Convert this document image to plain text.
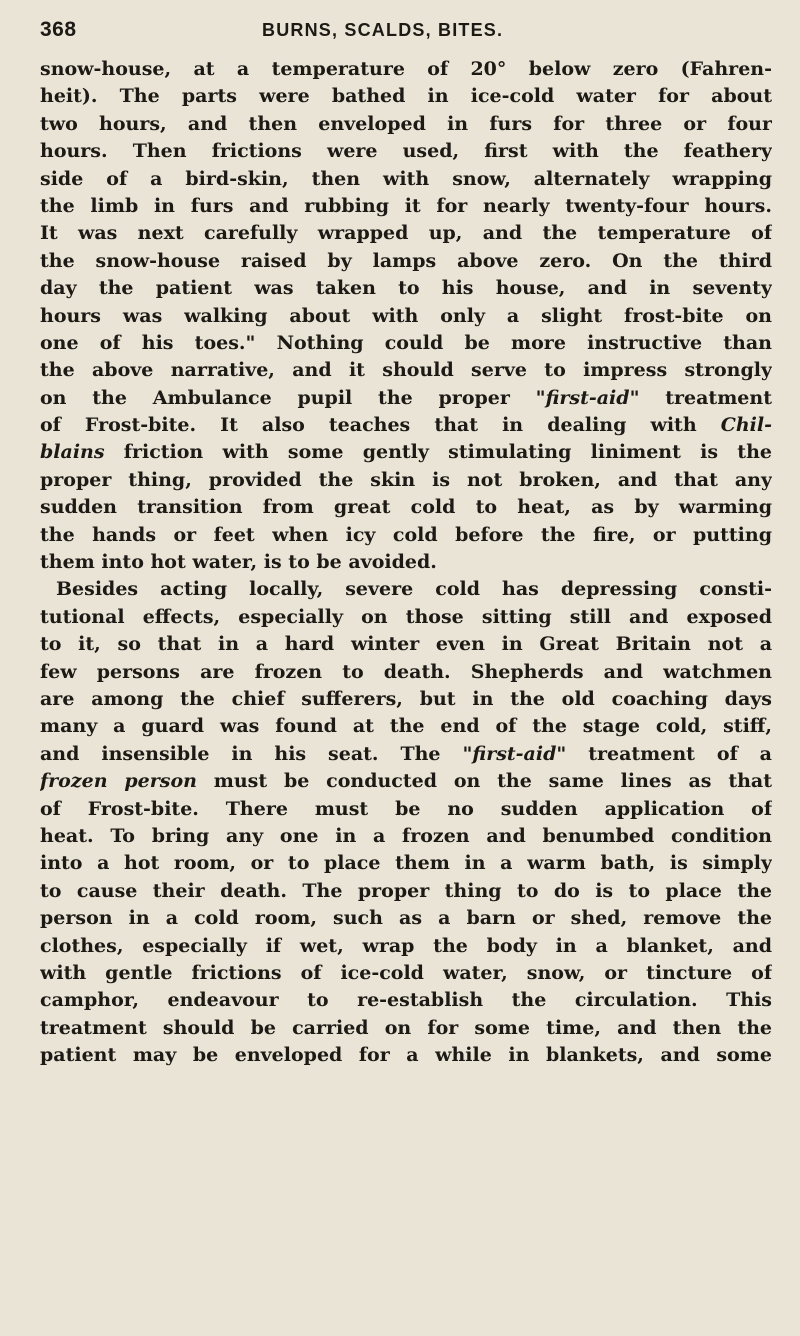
368	BURNS, SCALDS, BITES.
snow-house, at a temperature of 20° below zero (Fahren-
heit). The parts were bathed in ice-cold water for about
two hours, and then enveloped in furs for three or four
hours. Then frictions were used, first with the feathery
side of a bird-skin, then with snow, alternately wrapping
the limb in furs and rubbing it for nearly twenty-four hours.
It was next carefully wrapped up, and the temperature of
the snow-house raised by lamps above zero. On the third
day the patient was taken to his house, and in seventy
hours was walking about with only a slight frost-bite on
one of his toes." Nothing could be more instructive than
the above narrative, and it should serve to impress strongly
on the Ambulance pupil the proper "first-aid" treatment
of Frost-bite. It also teaches that in dealing with Chil-
blains friction with some gently stimulating liniment is the
proper thing, provided the skin is not broken, and that any
sudden transition from great cold to heat, as by warming
the hands or feet when icy cold before the fire, or putting
them into hot water, is to be avoided.
Besides acting locally, severe cold has depressing consti-
tutional effects, especially on those sitting still and exposed
to it, so that in a hard winter even in Great Britain not a
few persons are frozen to death. Shepherds and watchmen
are among the chief sufferers, but in the old coaching days
many a guard was found at the end of the stage cold, stiff,
and insensible in his seat. The "first-aid" treatment of a
frozen person must be conducted on the same lines as that
of Frost-bite. There must be no sudden application of
heat. To bring any one in a frozen and benumbed condition
into a hot room, or to place them in a warm bath, is simply
to cause their death. The proper thing to do is to place the
person in a cold room, such as a barn or shed, remove the
clothes, especially if wet, wrap the body in a blanket, and
with gentle frictions of ice-cold water, snow, or tincture of
camphor, endeavour to re-establish the circulation. This
treatment should be carried on for some time, and then the
patient may be enveloped for a while in blankets, and some
